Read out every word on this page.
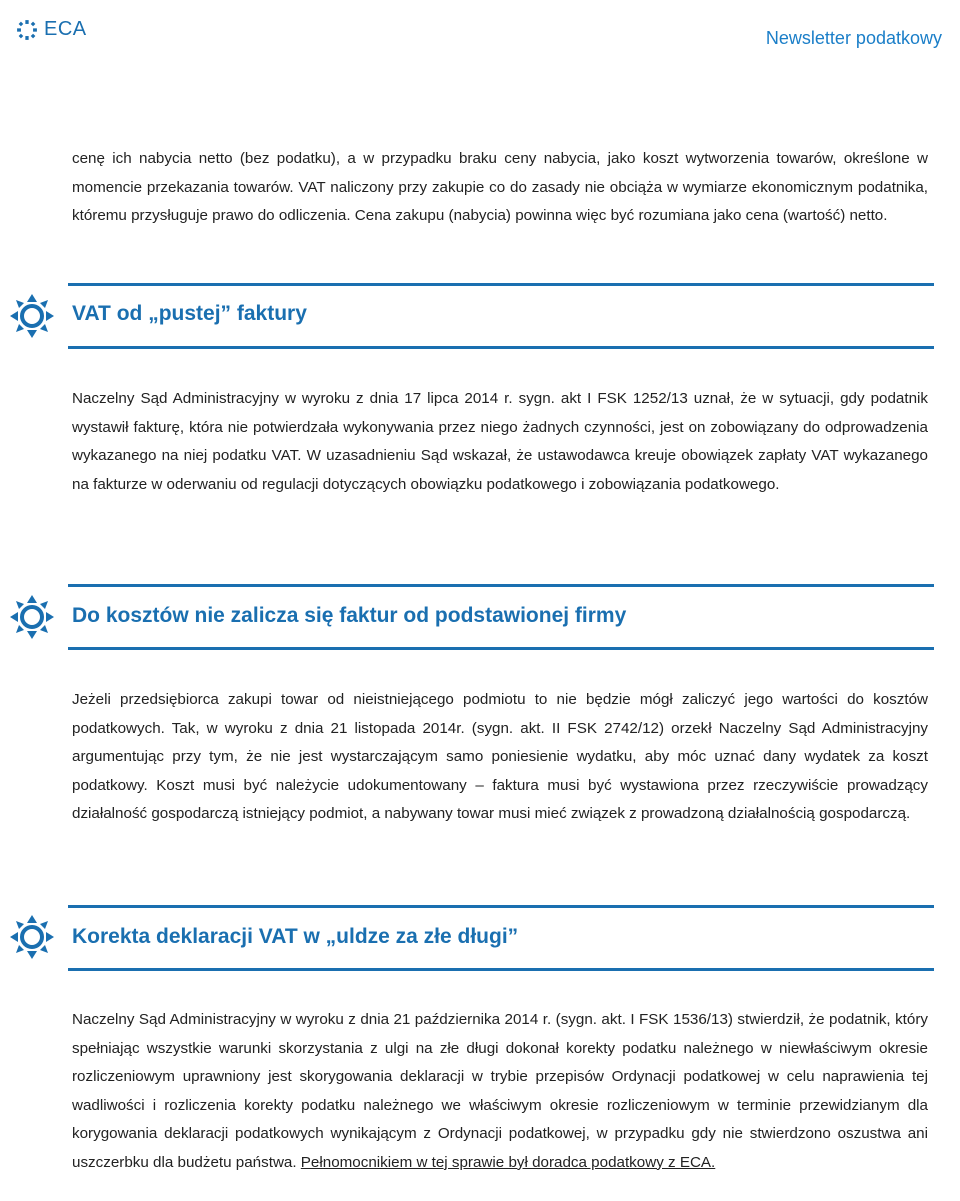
ECA	Newsletter podatkowy

cenę ich nabycia netto (bez podatku), a w przypadku braku ceny nabycia, jako koszt wytworzenia towarów, określone w momencie przekazania towarów. VAT naliczony przy zakupie co do zasady nie obciąża w wymiarze ekonomicznym podatnika, któremu przysługuje prawo do odliczenia. Cena zakupu (nabycia) powinna więc być rozumiana jako cena (wartość) netto.

VAT od „pustej” faktury

Naczelny Sąd Administracyjny w wyroku z dnia 17 lipca 2014 r. sygn. akt I FSK 1252/13 uznał, że w sytuacji, gdy podatnik wystawił fakturę, która nie potwierdzała wykonywania przez niego żadnych czynności, jest on zobowiązany do odprowadzenia wykazanego na niej podatku VAT. W uzasadnieniu Sąd wskazał, że ustawodawca kreuje obowiązek zapłaty VAT wykazanego na fakturze w oderwaniu od regulacji dotyczących obowiązku podatkowego i zobowiązania podatkowego.

Do kosztów nie zalicza się faktur od podstawionej firmy

Jeżeli przedsiębiorca zakupi towar od nieistniejącego podmiotu to nie będzie mógł zaliczyć jego wartości do kosztów podatkowych. Tak, w wyroku z dnia 21 listopada 2014r. (sygn. akt. II FSK 2742/12) orzekł Naczelny Sąd Administracyjny argumentując przy tym, że nie jest wystarczającym samo poniesienie wydatku, aby móc uznać dany wydatek za koszt podatkowy. Koszt musi być należycie udokumentowany – faktura musi być wystawiona przez rzeczywiście prowadzący działalność gospodarczą istniejący podmiot, a nabywany towar musi mieć związek z prowadzoną działalnością gospodarczą.

Korekta deklaracji VAT w „uldze za złe długi”

Naczelny Sąd Administracyjny w wyroku z dnia 21 października 2014 r. (sygn. akt. I FSK 1536/13) stwierdził, że podatnik, który spełniając wszystkie warunki skorzystania z ulgi na złe długi dokonał korekty podatku należnego w niewłaściwym okresie rozliczeniowym uprawniony jest skorygowania deklaracji w trybie przepisów Ordynacji podatkowej w celu naprawienia tej wadliwości i rozliczenia korekty podatku należnego we właściwym okresie rozliczeniowym w terminie przewidzianym dla korygowania deklaracji podatkowych wynikającym z Ordynacji podatkowej, w przypadku gdy nie stwierdzono oszustwa ani uszczerbku dla budżetu państwa. Pełnomocnikiem w tej sprawie był doradca podatkowy z ECA.
